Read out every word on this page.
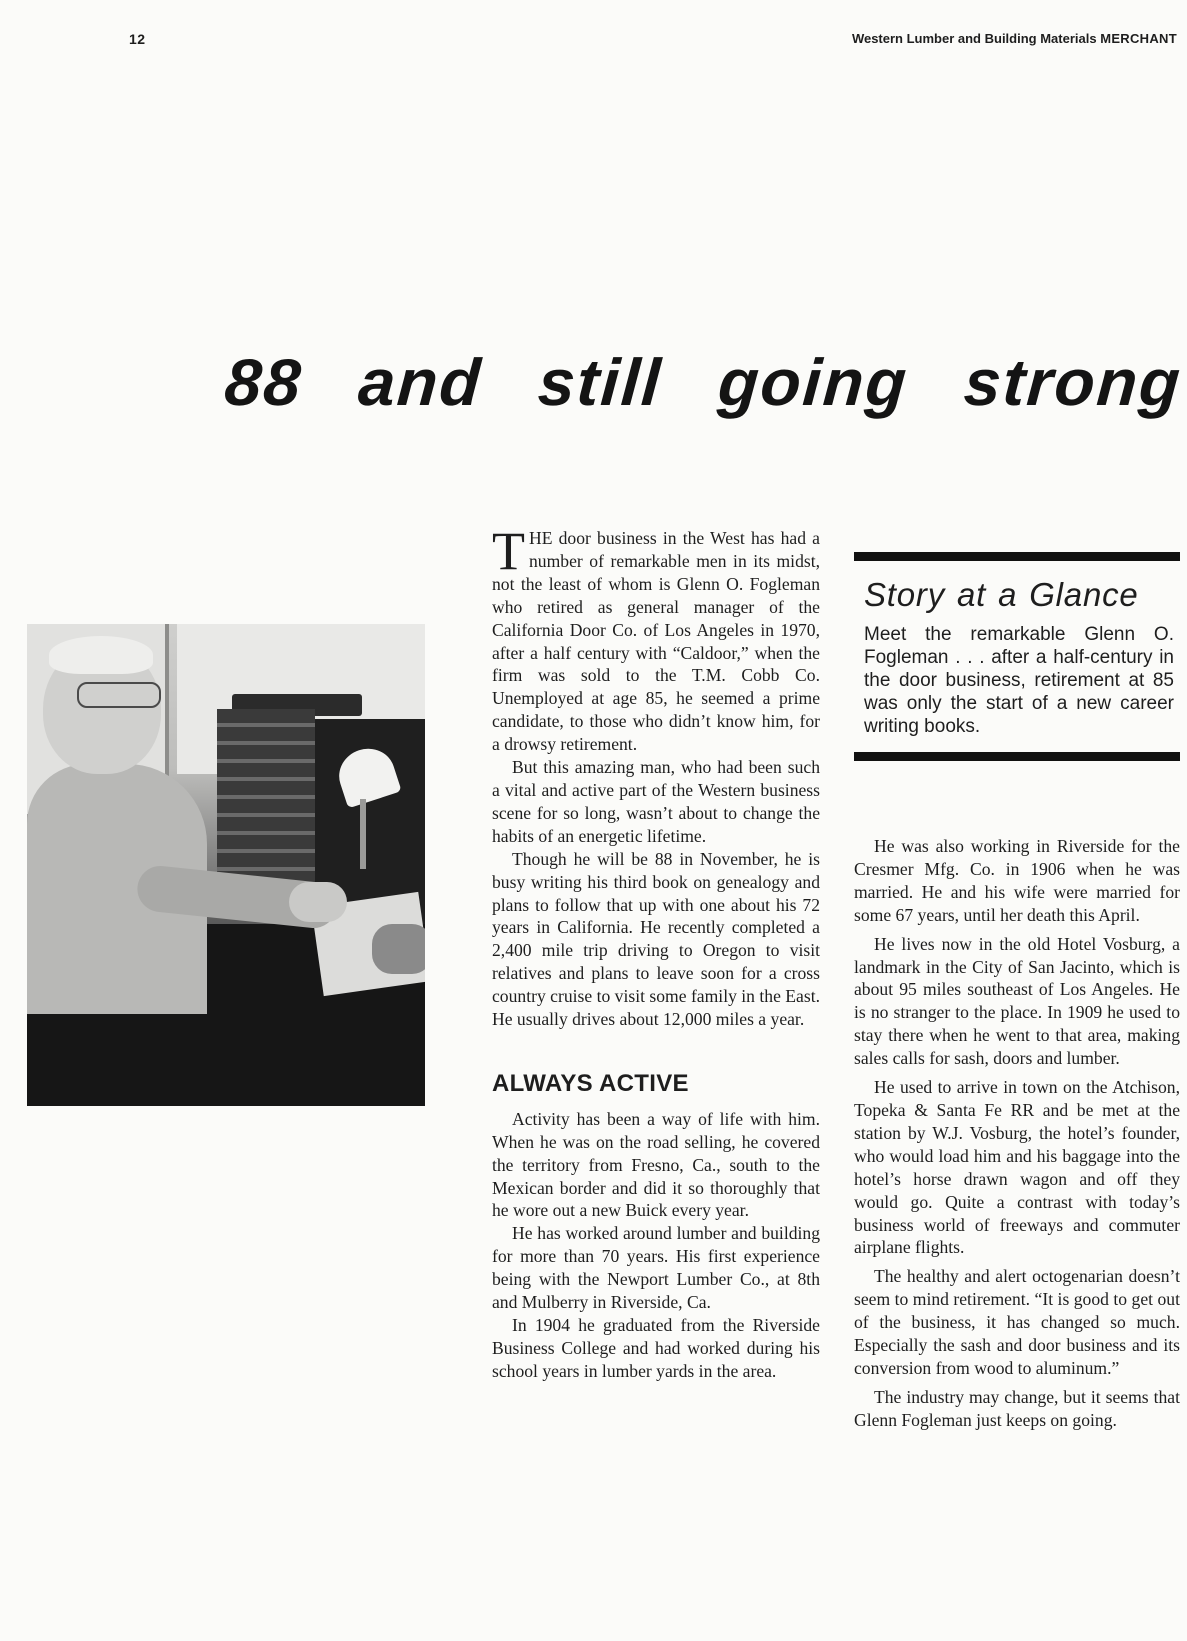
12	Western Lumber and Building Materials MERCHANT
88 and still going strong

THE door business in the West has had a number of remarkable men in its midst, not the least of whom is Glenn O. Fogleman who retired as general manager of the California Door Co. of Los Angeles in 1970, after a half century with “Caldoor,” when the firm was sold to the T.M. Cobb Co. Unemployed at age 85, he seemed a prime candidate, to those who didn’t know him, for a drowsy retirement.

But this amazing man, who had been such a vital and active part of the Western business scene for so long, wasn’t about to change the habits of an energetic lifetime.

Though he will be 88 in November, he is busy writing his third book on genealogy and plans to follow that up with one about his 72 years in California. He recently completed a 2,400 mile trip driving to Oregon to visit relatives and plans to leave soon for a cross country cruise to visit some family in the East. He usually drives about 12,000 miles a year.

ALWAYS ACTIVE

Activity has been a way of life with him. When he was on the road selling, he covered the territory from Fresno, Ca., south to the Mexican border and did it so thoroughly that he wore out a new Buick every year.

He has worked around lumber and building for more than 70 years. His first experience being with the Newport Lumber Co., at 8th and Mulberry in Riverside, Ca.

In 1904 he graduated from the Riverside Business College and had worked during his school years in lumber yards in the area.

Story at a Glance
Meet the remarkable Glenn O. Fogleman . . . after a half-century in the door business, retirement at 85 was only the start of a new career writing books.

He was also working in Riverside for the Cresmer Mfg. Co. in 1906 when he was married. He and his wife were married for some 67 years, until her death this April.

He lives now in the old Hotel Vosburg, a landmark in the City of San Jacinto, which is about 95 miles southeast of Los Angeles. He is no stranger to the place. In 1909 he used to stay there when he went to that area, making sales calls for sash, doors and lumber.

He used to arrive in town on the Atchison, Topeka & Santa Fe RR and be met at the station by W.J. Vosburg, the hotel’s founder, who would load him and his baggage into the hotel’s horse drawn wagon and off they would go. Quite a contrast with today’s business world of freeways and commuter airplane flights.

The healthy and alert octogenarian doesn’t seem to mind retirement. “It is good to get out of the business, it has changed so much. Especially the sash and door business and its conversion from wood to aluminum.”

The industry may change, but it seems that Glenn Fogleman just keeps on going.
